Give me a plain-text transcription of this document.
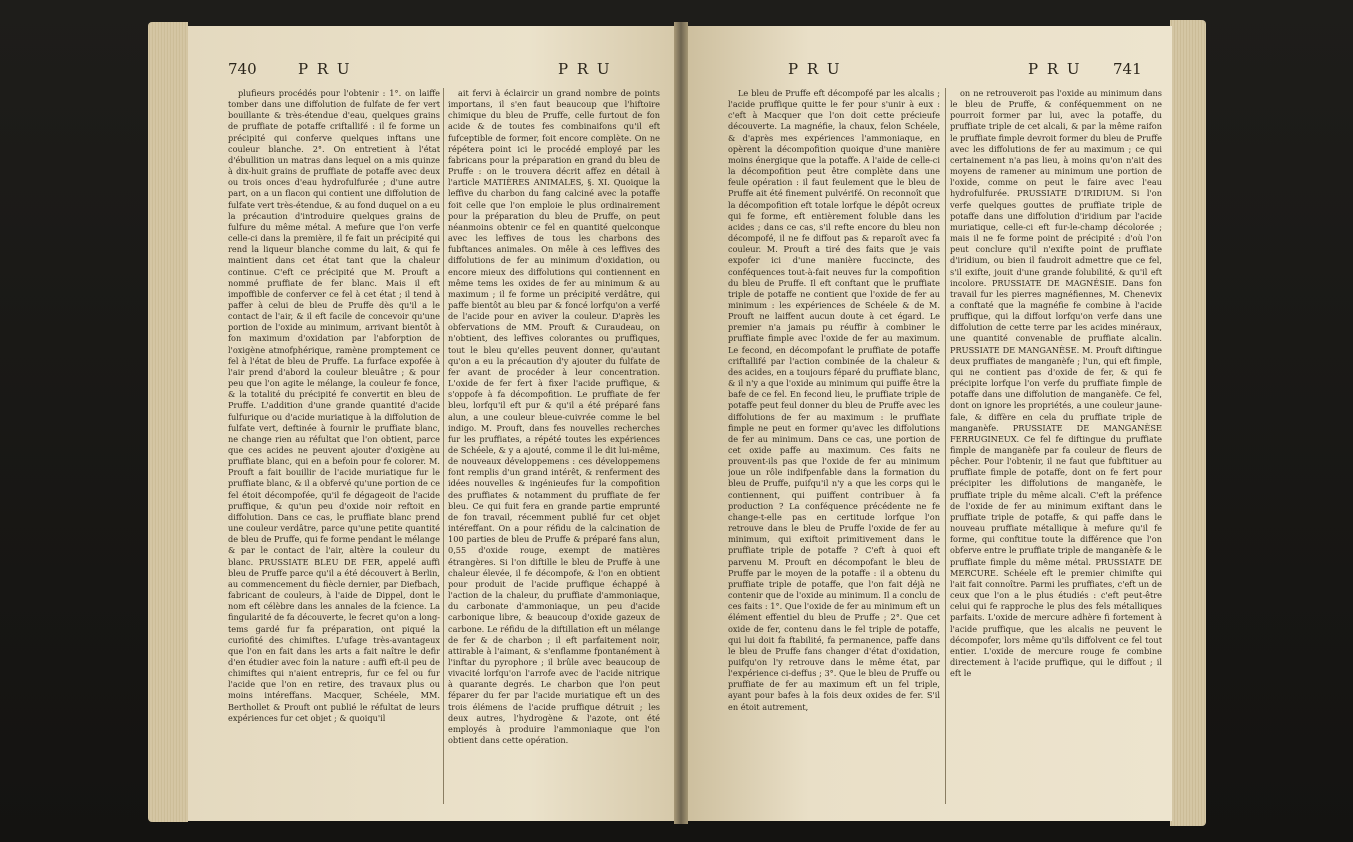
740	P R U	P R U

plufieurs procédés pour l'obtenir : 1°. on laiffe tomber dans une diffolution de fulfate de fer vert bouillante & très-étendue d'eau, quelques grains de pruffiate de potaffe criftallifé : il fe forme un précipité qui conferve quelques inftans une couleur blanche. 2°. On entretient à l'état d'ébullition un matras dans lequel on a mis quinze à dix-huit grains de pruffiate de potaffe avec deux ou trois onces d'eau hydrofulfurée ; d'une autre part, on a un flacon qui contient une diffolution de fulfate vert très-étendue, & au fond duquel on a eu la précaution d'introduire quelques grains de fulfure du même métal. A mefure que l'on verfe celle-ci dans la première, il fe fait un précipité qui rend la liqueur blanche comme du lait, & qui fe maintient dans cet état tant que la chaleur continue. C'eft ce précipité que M. Prouft a nommé pruffiate de fer blanc. Mais il eft impoffible de conferver ce fel à cet état ; il tend à paffer à celui de bleu de Pruffe dès qu'il a le contact de l'air, & il eft facile de concevoir qu'une portion de l'oxide au minimum, arrivant bientôt à fon maximum d'oxidation par l'abforption de l'oxigène atmofphérique, ramène promptement ce fel à l'état de bleu de Pruffe. La furface expofée à l'air prend d'abord la couleur bleuâtre ; & pour peu que l'on agite le mélange, la couleur fe fonce, & la totalité du précipité fe convertit en bleu de Pruffe. L'addition d'une grande quantité d'acide fulfurique ou d'acide muriatique à la diffolution de fulfate vert, deftinée à fournir le pruffiate blanc, ne change rien au réfultat que l'on obtient, parce que ces acides ne peuvent ajouter d'oxigène au pruffiate blanc, qui en a befoin pour fe colorer. M. Prouft a fait bouillir de l'acide muriatique fur le pruffiate blanc, & il a obfervé qu'une portion de ce fel étoit décompofée, qu'il fe dégageoit de l'acide pruffique, & qu'un peu d'oxide noir reftoit en diffolution. Dans ce cas, le pruffiate blanc prend une couleur verdâtre, parce qu'une petite quantité de bleu de Pruffe, qui fe forme pendant le mélange & par le contact de l'air, altère la couleur du blanc. PRUSSIATE BLEU DE FER, appelé auffi bleu de Pruffe parce qu'il a été découvert à Berlin, au commencement du fiècle dernier, par Diefbach, fabricant de couleurs, à l'aide de Dippel, dont le nom eft célèbre dans les annales de la fcience. La fingularité de fa découverte, le fecret qu'on a long-tems gardé fur fa préparation, ont piqué la curiofité des chimiftes. L'ufage très-avantageux que l'on en fait dans les arts a fait naître le defir d'en étudier avec foin la nature : auffi eft-il peu de chimiftes qui n'aient entrepris, fur ce fel ou fur l'acide que l'on en retire, des travaux plus ou moins intéreffans. Macquer, Schéele, MM. Berthollet & Prouft ont publié le réfultat de leurs expériences fur cet objet ; & quoiqu'il

ait fervi à éclaircir un grand nombre de points importans, il s'en faut beaucoup que l'hiftoire chimique du bleu de Pruffe, celle furtout de fon acide & de toutes fes combinaifons qu'il eft fufceptible de former, foit encore complète. On ne répétera point ici le procédé employé par les fabricans pour la préparation en grand du bleu de Pruffe : on le trouvera décrit affez en détail à l'article MATIÈRES ANIMALES, §. XI. Quoique la leffive du charbon du fang calciné avec la potaffe foit celle que l'on emploie le plus ordinairement pour la préparation du bleu de Pruffe, on peut néanmoins obtenir ce fel en quantité quelconque avec les leffives de tous les charbons des fubftances animales. On mêle à ces leffives des diffolutions de fer au minimum d'oxidation, ou encore mieux des diffolutions qui contiennent en même tems les oxides de fer au minimum & au maximum ; il fe forme un précipité verdâtre, qui paffe bientôt au bleu par & foncé lorfqu'on a verfé de l'acide pour en aviver la couleur. D'après les obfervations de MM. Prouft & Curaudeau, on n'obtient, des leffives colorantes ou pruffiques, tout le bleu qu'elles peuvent donner, qu'autant qu'on a eu la précaution d'y ajouter du fulfate de fer avant de procéder à leur concentration. L'oxide de fer fert à fixer l'acide pruffique, & s'oppofe à fa décompofition. Le pruffiate de fer bleu, lorfqu'il eft pur & qu'il a été préparé fans alun, a une couleur bleue-cuivrée comme le bel indigo. M. Prouft, dans fes nouvelles recherches fur les pruffiates, a répété toutes les expériences de Schéele, & y a ajouté, comme il le dit lui-même, de nouveaux développemens : ces développemens font remplis d'un grand intérêt, & renferment des idées nouvelles & ingénieufes fur la compofition des pruffiates & notamment du pruffiate de fer bleu. Ce qui fuit fera en grande partie emprunté de fon travail, récemment publié fur cet objet intéreffant. On a pour réfidu de la calcination de 100 parties de bleu de Pruffe & préparé fans alun, 0,55 d'oxide rouge, exempt de matières étrangères. Si l'on diftille le bleu de Pruffe à une chaleur élevée, il fe décompofe, & l'on en obtient pour produit de l'acide pruffique échappé à l'action de la chaleur, du pruffiate d'ammoniaque, du carbonate d'ammoniaque, un peu d'acide carbonique libre, & beaucoup d'oxide gazeux de carbone. Le réfidu de la diftillation eft un mélange de fer & de charbon ; il eft parfaitement noir, attirable à l'aimant, & s'enflamme fpontanément à l'inftar du pyrophore ; il brûle avec beaucoup de vivacité lorfqu'on l'arrofe avec de l'acide nitrique à quarante degrés. Le charbon que l'on peut féparer du fer par l'acide muriatique eft un des trois élémens de l'acide pruffique détruit ; les deux autres, l'hydrogène & l'azote, ont été employés à produire l'ammoniaque que l'on obtient dans cette opération.

P R U	P R U 741

Le bleu de Pruffe eft décompofé par les alcalis ; l'acide pruffique quitte le fer pour s'unir à eux : c'eft à Macquer que l'on doit cette précieufe découverte. La magnéfie, la chaux, felon Schéele, & d'après mes expériences l'ammoniaque, en opèrent la décompofition quoique d'une manière moins énergique que la potaffe. A l'aide de celle-ci la décompofition peut être complète dans une feule opération : il faut feulement que le bleu de Pruffe ait été finement pulvérifé. On reconnoît que la décompofition eft totale lorfque le dépôt ocreux qui fe forme, eft entièrement foluble dans les acides ; dans ce cas, s'il refte encore du bleu non décompofé, il ne fe diffout pas & reparoît avec fa couleur. M. Prouft a tiré des faits que je vais expofer ici d'une manière fuccincte, des conféquences tout-à-fait neuves fur la compofition du bleu de Pruffe. Il eft conftant que le pruffiate triple de potaffe ne contient que l'oxide de fer au minimum : les expériences de Schéele & de M. Prouft ne laiffent aucun doute à cet égard. Le premier n'a jamais pu réuffir à combiner le pruffiate fimple avec l'oxide de fer au maximum. Le fecond, en décompofant le pruffiate de potaffe criftallifé par l'action combinée de la chaleur & des acides, en a toujours féparé du pruffiate blanc, & il n'y a que l'oxide au minimum qui puiffe être la bafe de ce fel. En fecond lieu, le pruffiate triple de potaffe peut feul donner du bleu de Pruffe avec les diffolutions de fer au maximum : le pruffiate fimple ne peut en former qu'avec les diffolutions de fer au minimum. Dans ce cas, une portion de cet oxide paffe au maximum. Ces faits ne prouvent-ils pas que l'oxide de fer au minimum joue un rôle indifpenfable dans la formation du bleu de Pruffe, puifqu'il n'y a que les corps qui le contiennent, qui puiffent contribuer à fa production ? La conféquence précédente ne fe change-t-elle pas en certitude lorfque l'on retrouve dans le bleu de Pruffe l'oxide de fer au minimum, qui exiftoit primitivement dans le pruffiate triple de potaffe ? C'eft à quoi eft parvenu M. Prouft en décompofant le bleu de Pruffe par le moyen de la potaffe : il a obtenu du pruffiate triple de potaffe, que l'on fait déjà ne contenir que de l'oxide au minimum. Il a conclu de ces faits : 1°. Que l'oxide de fer au minimum eft un élément effentiel du bleu de Pruffe ; 2°. Que cet oxide de fer, contenu dans le fel triple de potaffe, qui lui doit fa ftabilité, fa permanence, paffe dans le bleu de Pruffe fans changer d'état d'oxidation, puifqu'on l'y retrouve dans le même état, par l'expérience ci-deffus ; 3°. Que le bleu de Pruffe ou pruffiate de fer au maximum eft un fel triple, ayant pour bafes à la fois deux oxides de fer. S'il en étoit autrement,

on ne retrouveroit pas l'oxide au minimum dans le bleu de Pruffe, & conféquemment on ne pourroit former par lui, avec la potaffe, du pruffiate triple de cet alcali, & par la même raifon le pruffiate fimple devroit former du bleu de Pruffe avec les diffolutions de fer au maximum ; ce qui certainement n'a pas lieu, à moins qu'on n'ait des moyens de ramener au minimum une portion de l'oxide, comme on peut le faire avec l'eau hydrofulfurée. PRUSSIATE D'IRIDIUM. Si l'on verfe quelques gouttes de pruffiate triple de potaffe dans une diffolution d'iridium par l'acide muriatique, celle-ci eft fur-le-champ décolorée ; mais il ne fe forme point de précipité : d'où l'on peut conclure qu'il n'exifte point de pruffiate d'iridium, ou bien il faudroit admettre que ce fel, s'il exifte, jouit d'une grande folubilité, & qu'il eft incolore. PRUSSIATE DE MAGNÉSIE. Dans fon travail fur les pierres magnéfiennes, M. Chenevix a conftaté que la magnéfie fe combine à l'acide pruffique, qui la diffout lorfqu'on verfe dans une diffolution de cette terre par les acides minéraux, une quantité convenable de pruffiate alcalin. PRUSSIATE DE MANGANÈSE. M. Prouft diftingue deux pruffiates de manganèfe ; l'un, qui eft fimple, qui ne contient pas d'oxide de fer, & qui fe précipite lorfque l'on verfe du pruffiate fimple de potaffe dans une diffolution de manganèfe. Ce fel, dont on ignore les propriétés, a une couleur jaune-fale, & diffère en cela du pruffiate triple de manganèfe. PRUSSIATE DE MANGANÈSE FERRUGINEUX. Ce fel fe diftingue du pruffiate fimple de manganèfe par fa couleur de fleurs de pêcher. Pour l'obtenir, il ne faut que fubftituer au pruffiate fimple de potaffe, dont on fe fert pour précipiter les diffolutions de manganèfe, le pruffiate triple du même alcali. C'eft la préfence de l'oxide de fer au minimum exiftant dans le pruffiate triple de potaffe, & qui paffe dans le nouveau pruffiate métallique à mefure qu'il fe forme, qui conftitue toute la différence que l'on obferve entre le pruffiate triple de manganèfe & le pruffiate fimple du même métal. PRUSSIATE DE MERCURE. Schéele eft le premier chimifte qui l'ait fait connoître. Parmi les pruffiates, c'eft un de ceux que l'on a le plus étudiés : c'eft peut-être celui qui fe rapproche le plus des fels métalliques parfaits. L'oxide de mercure adhère fi fortement à l'acide pruffique, que les alcalis ne peuvent le décompofer, lors même qu'ils diffolvent ce fel tout entier. L'oxide de mercure rouge fe combine directement à l'acide pruffique, qui le diffout ; il eft le
